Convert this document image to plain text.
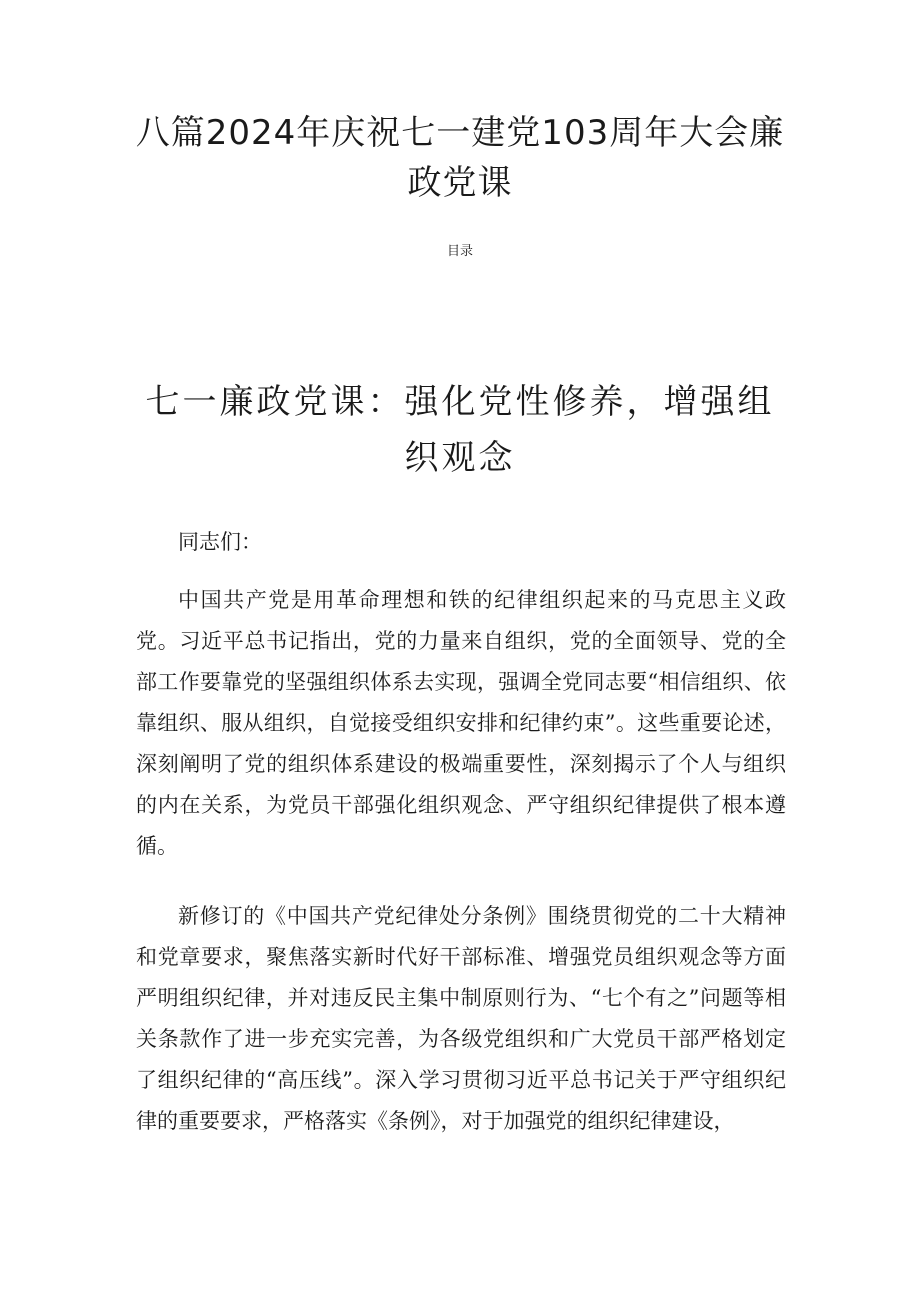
八篇2024年庆祝七一建党103周年大会廉政党课

目录

七一廉政党课：强化党性修养，增强组织观念

同志们：

中国共产党是用革命理想和铁的纪律组织起来的马克思主义政党。习近平总书记指出，党的力量来自组织，党的全面领导、党的全部工作要靠党的坚强组织体系去实现，强调全党同志要“相信组织、依靠组织、服从组织，自觉接受组织安排和纪律约束”。这些重要论述，深刻阐明了党的组织体系建设的极端重要性，深刻揭示了个人与组织的内在关系，为党员干部强化组织观念、严守组织纪律提供了根本遵循。

新修订的《中国共产党纪律处分条例》围绕贯彻党的二十大精神和党章要求，聚焦落实新时代好干部标准、增强党员组织观念等方面严明组织纪律，并对违反民主集中制原则行为、“七个有之”问题等相关条款作了进一步充实完善，为各级党组织和广大党员干部严格划定了组织纪律的“高压线”。深入学习贯彻习近平总书记关于严守组织纪律的重要要求，严格落实《条例》，对于加强党的组织纪律建设，
